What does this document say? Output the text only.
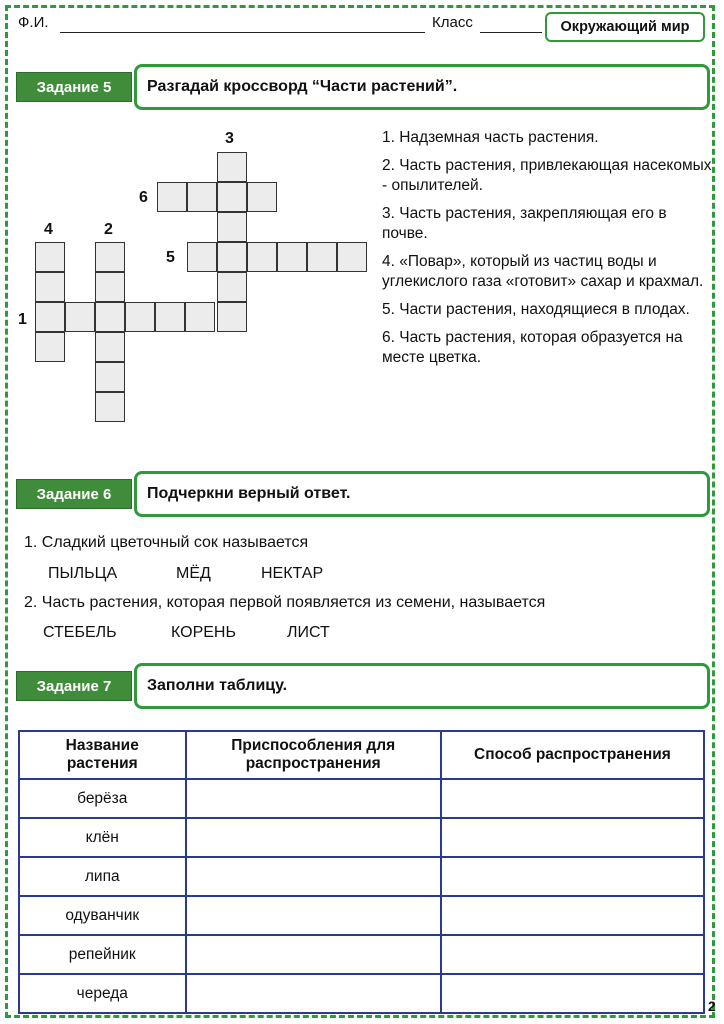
Ф.И.	Класс	Окружающий мир
Задание 5	Разгадай кроссворд “Части растений”.
3
6
4	2
5
1
1. Надземная часть растения.
2. Часть растения, привлекающая насекомых - опылителей.
3. Часть растения, закрепляющая его в почве.
4. «Повар», который из частиц воды и углекислого газа «готовит» сахар и крахмал.
5. Части растения, находящиеся в плодах.
6. Часть растения, которая образуется на месте цветка.
Задание 6	Подчеркни верный ответ.
1. Сладкий цветочный сок называется
ПЫЛЬЦА	МЁД	НЕКТАР
2. Часть растения, которая первой появляется из семени, называется
СТЕБЕЛЬ	КОРЕНЬ	ЛИСТ
Задание 7	Заполни таблицу.
Название растения	Приспособления для распространения	Способ распространения
берёза		
клён		
липа		
одуванчик		
репейник		
череда		
2
